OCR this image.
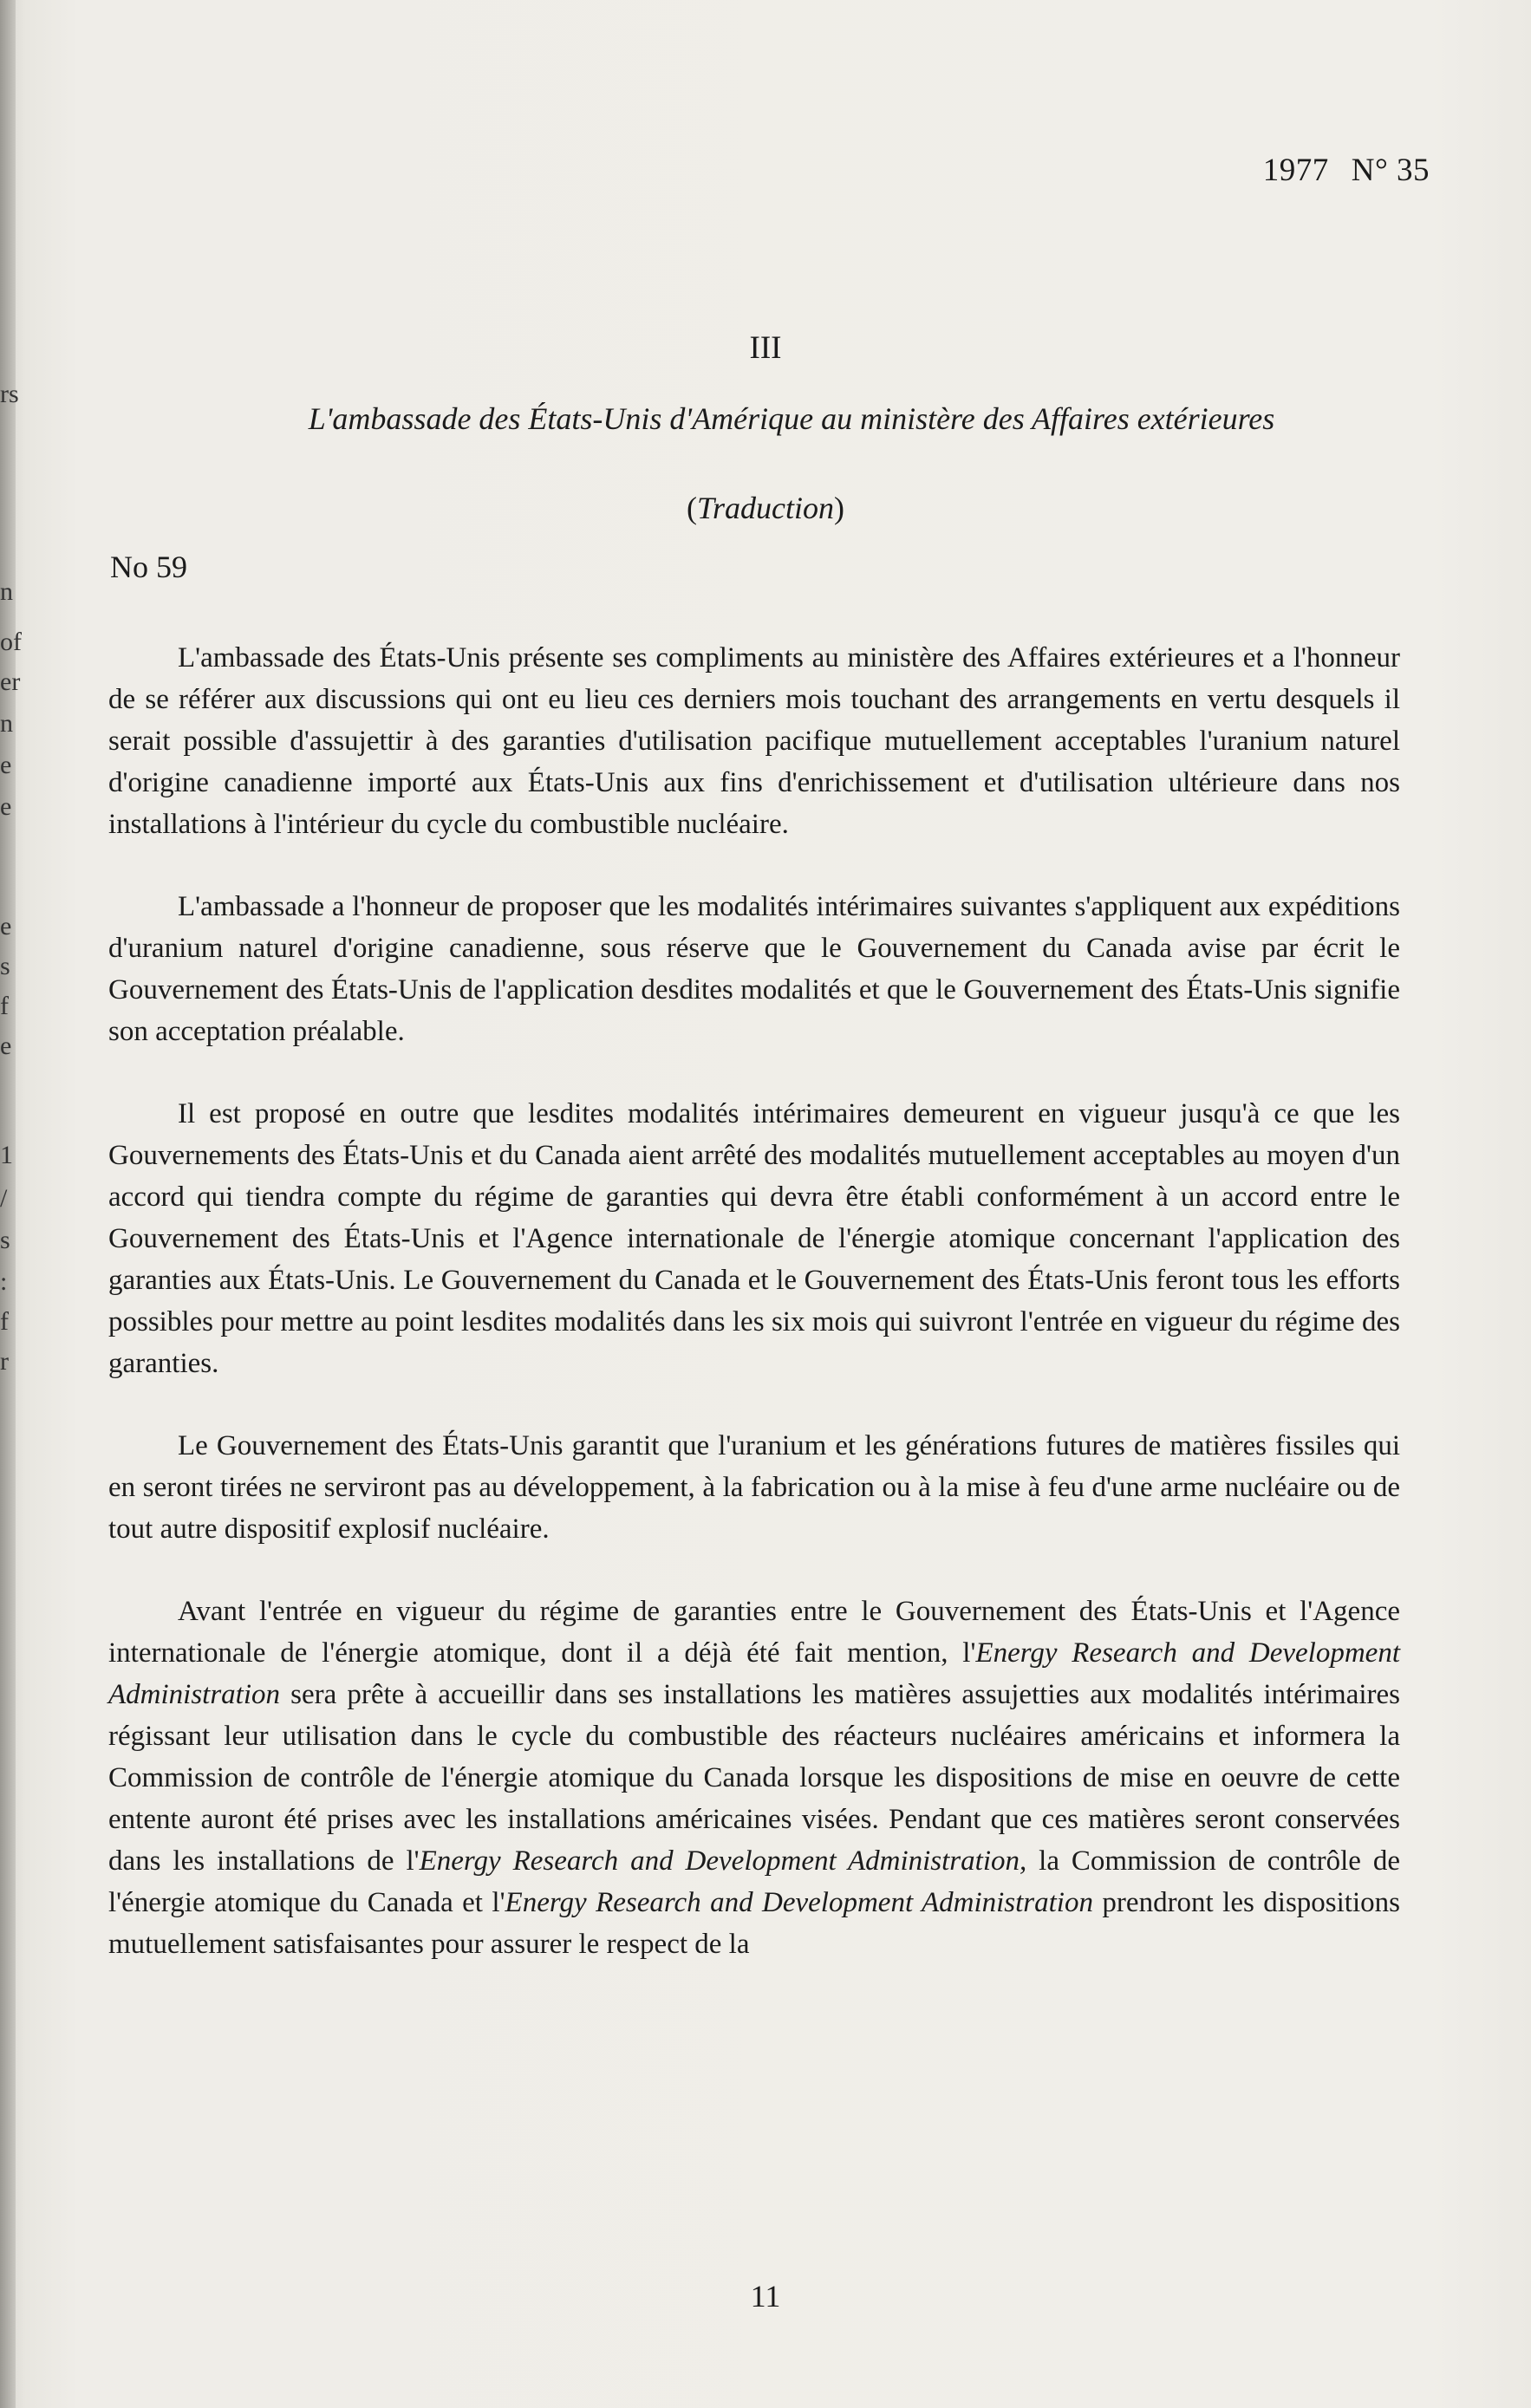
rs
n
of
er
n
e
e
e
s
f
e
1
/
s
:
f
r
1977 N° 35
III
L'ambassade des États-Unis d'Amérique au ministère des Affaires extérieures
(Traduction)
No 59

L'ambassade des États-Unis présente ses compliments au ministère des Affaires extérieures et a l'honneur de se référer aux discussions qui ont eu lieu ces derniers mois touchant des arrangements en vertu desquels il serait possible d'assujettir à des garanties d'utilisation pacifique mutuellement acceptables l'uranium naturel d'origine canadienne importé aux États-Unis aux fins d'enrichissement et d'utilisation ultérieure dans nos installations à l'intérieur du cycle du combustible nucléaire.

L'ambassade a l'honneur de proposer que les modalités intérimaires suivantes s'appliquent aux expéditions d'uranium naturel d'origine canadienne, sous réserve que le Gouvernement du Canada avise par écrit le Gouvernement des États-Unis de l'application desdites modalités et que le Gouvernement des États-Unis signifie son acceptation préalable.

Il est proposé en outre que lesdites modalités intérimaires demeurent en vigueur jusqu'à ce que les Gouvernements des États-Unis et du Canada aient arrêté des modalités mutuellement acceptables au moyen d'un accord qui tiendra compte du régime de garanties qui devra être établi conformément à un accord entre le Gouvernement des États-Unis et l'Agence internationale de l'énergie atomique concernant l'application des garanties aux États-Unis. Le Gouvernement du Canada et le Gouvernement des États-Unis feront tous les efforts possibles pour mettre au point lesdites modalités dans les six mois qui suivront l'entrée en vigueur du régime des garanties.

Le Gouvernement des États-Unis garantit que l'uranium et les générations futures de matières fissiles qui en seront tirées ne serviront pas au développement, à la fabrication ou à la mise à feu d'une arme nucléaire ou de tout autre dispositif explosif nucléaire.

Avant l'entrée en vigueur du régime de garanties entre le Gouvernement des États-Unis et l'Agence internationale de l'énergie atomique, dont il a déjà été fait mention, l'Energy Research and Development Administration sera prête à accueillir dans ses installations les matières assujetties aux modalités intérimaires régissant leur utilisation dans le cycle du combustible des réacteurs nucléaires américains et informera la Commission de contrôle de l'énergie atomique du Canada lorsque les dispositions de mise en oeuvre de cette entente auront été prises avec les installations américaines visées. Pendant que ces matières seront conservées dans les installations de l'Energy Research and Development Administration, la Commission de contrôle de l'énergie atomique du Canada et l'Energy Research and Development Administration prendront les dispositions mutuellement satisfaisantes pour assurer le respect de la

11
